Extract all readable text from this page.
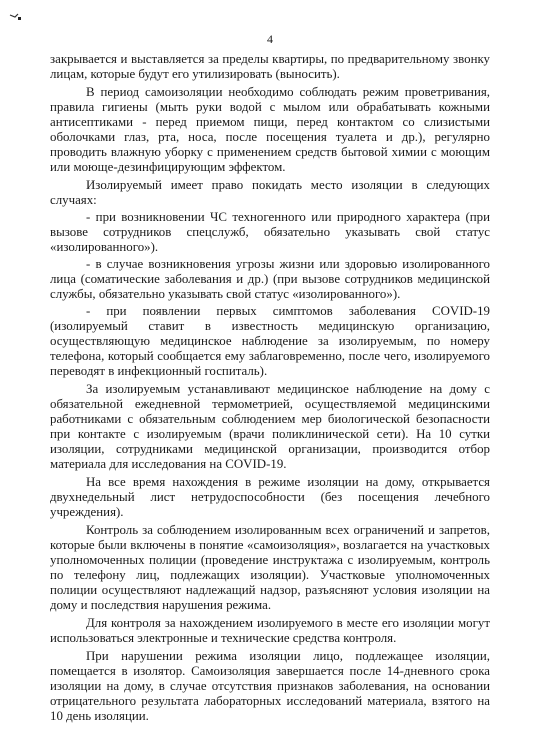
4

закрывается и выставляется за пределы квартиры, по предварительному звонку лицам, которые будут его утилизировать (выносить).

В период самоизоляции необходимо соблюдать режим проветривания, правила гигиены (мыть руки водой с мылом или обрабатывать кожными антисептиками - перед приемом пищи, перед контактом со слизистыми оболочками глаз, рта, носа, после посещения туалета и др.), регулярно проводить влажную уборку с применением средств бытовой химии с моющим или моюще-дезинфицирующим эффектом.

Изолируемый имеет право покидать место изоляции в следующих случаях:

- при возникновении ЧС техногенного или природного характера (при вызове сотрудников спецслужб, обязательно указывать свой статус «изолированного»).

- в случае возникновения угрозы жизни или здоровью изолированного лица (соматические заболевания и др.) (при вызове сотрудников медицинской службы, обязательно указывать свой статус «изолированного»).

- при появлении первых симптомов заболевания COVID-19 (изолируемый ставит в известность медицинскую организацию, осуществляющую медицинское наблюдение за изолируемым, по номеру телефона, который сообщается ему заблаговременно, после чего, изолируемого переводят в инфекционный госпиталь).

За изолируемым устанавливают медицинское наблюдение на дому с обязательной ежедневной термометрией, осуществляемой медицинскими работниками с обязательным соблюдением мер биологической безопасности при контакте с изолируемым (врачи поликлинической сети). На 10 сутки изоляции, сотрудниками медицинской организации, производится отбор материала для исследования на COVID-19.

На все время нахождения в режиме изоляции на дому, открывается двухнедельный лист нетрудоспособности (без посещения лечебного учреждения).

Контроль за соблюдением изолированным всех ограничений и запретов, которые были включены в понятие «самоизоляция», возлагается на участковых уполномоченных полиции (проведение инструктажа с изолируемым, контроль по телефону лиц, подлежащих изоляции). Участковые уполномоченных полиции осуществляют надлежащий надзор, разъясняют условия изоляции на дому и последствия нарушения режима.

Для контроля за нахождением изолируемого в месте его изоляции могут использоваться электронные и технические средства контроля.

При нарушении режима изоляции лицо, подлежащее изоляции, помещается в изолятор. Самоизоляция завершается после 14-дневного срока изоляции на дому, в случае отсутствия признаков заболевания, на основании отрицательного результата лабораторных исследований материала, взятого на 10 день изоляции.
